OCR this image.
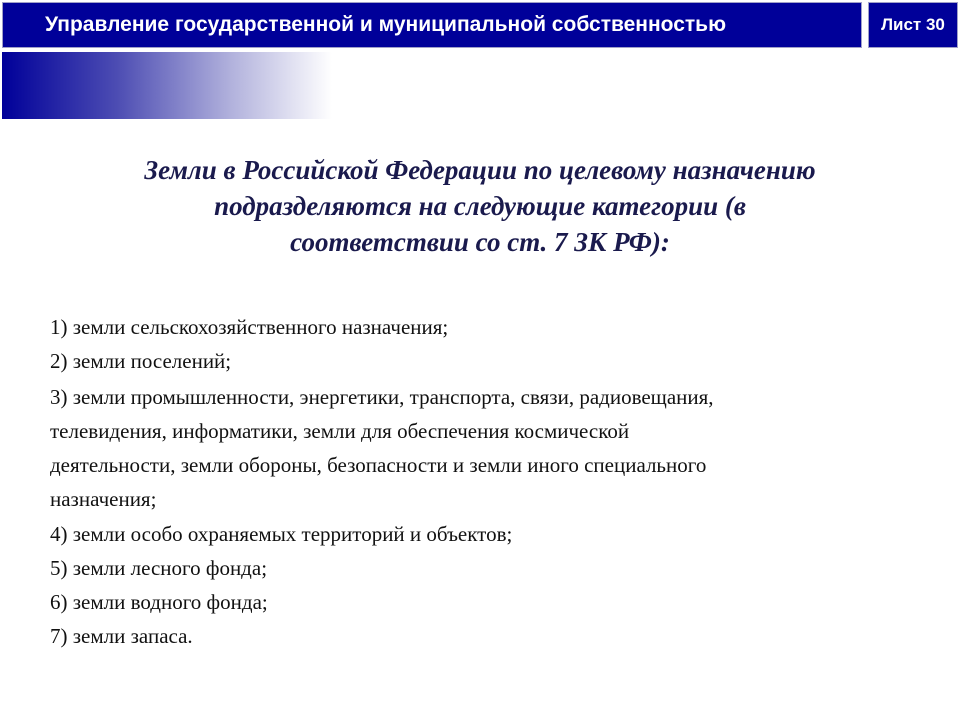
Управление государственной и муниципальной собственностью	Лист 30
Земли в Российской Федерации по целевому назначению
подразделяются на следующие категории (в
соответствии со ст. 7 ЗК РФ):
1) земли сельскохозяйственного назначения;
2) земли поселений;
3) земли промышленности, энергетики, транспорта, связи, радиовещания,
телевидения, информатики, земли для обеспечения космической
деятельности, земли обороны, безопасности и земли иного специального
назначения;
4) земли особо охраняемых территорий и объектов;
5) земли лесного фонда;
6) земли водного фонда;
7) земли запаса.
